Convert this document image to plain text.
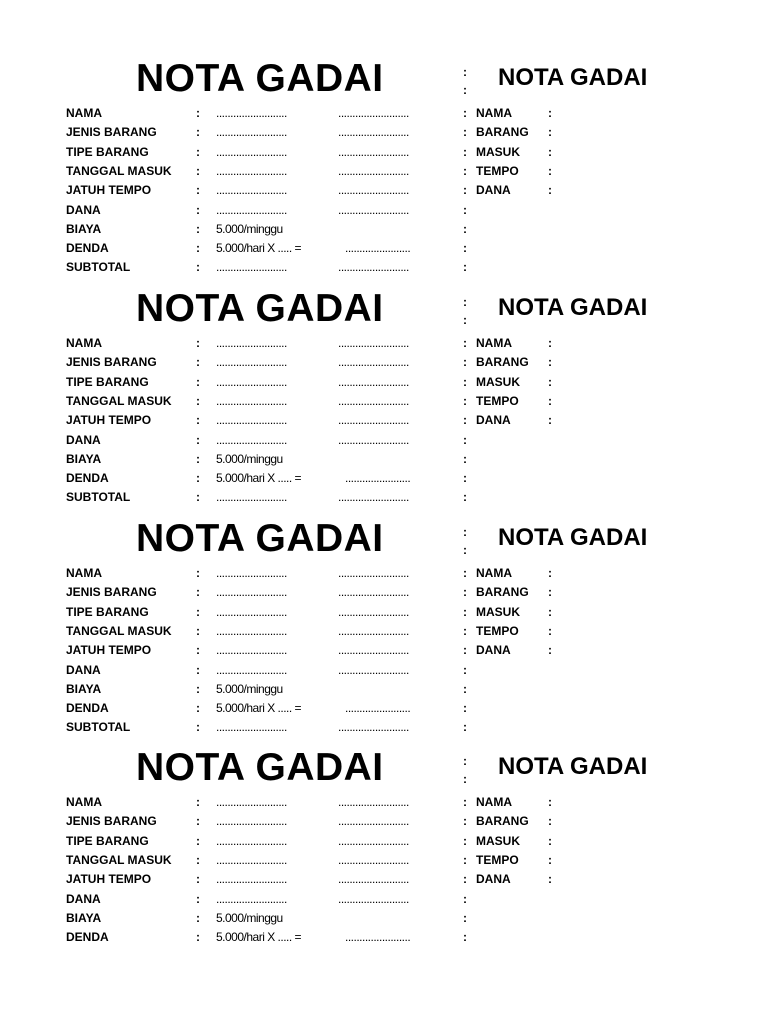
NOTA GADAI	:
: NOTA GADAI
NAMA	: .........................	.........................	: NAMA	:
JENIS BARANG	: .........................	.........................	: BARANG :
TIPE BARANG	: .........................	.........................	: MASUK :
TANGGAL MASUK : .........................	.........................	: TEMPO :
JATUH TEMPO	: .........................	.........................	: DANA	:
DANA	: .........................	.........................	:
BIAYA	: 5.000/minggu	:
DENDA	: 5.000/hari X ..... =	.......................	:
SUBTOTAL	: .........................	.........................	:
NOTA GADAI	:
: NOTA GADAI
NAMA	: .........................	.........................	: NAMA	:
JENIS BARANG	: .........................	.........................	: BARANG :
TIPE BARANG	: .........................	.........................	: MASUK :
TANGGAL MASUK : .........................	.........................	: TEMPO :
JATUH TEMPO	: .........................	.........................	: DANA	:
DANA	: .........................	.........................	:
BIAYA	: 5.000/minggu	:
DENDA	: 5.000/hari X ..... =	.......................	:
SUBTOTAL	: .........................	.........................	:
NOTA GADAI	:
: NOTA GADAI
NAMA	: .........................	.........................	: NAMA	:
JENIS BARANG	: .........................	.........................	: BARANG :
TIPE BARANG	: .........................	.........................	: MASUK :
TANGGAL MASUK : .........................	.........................	: TEMPO :
JATUH TEMPO	: .........................	.........................	: DANA	:
DANA	: .........................	.........................	:
BIAYA	: 5.000/minggu	:
DENDA	: 5.000/hari X ..... =	.......................	:
SUBTOTAL	: .........................	.........................	:
NOTA GADAI	:
: NOTA GADAI
NAMA	: .........................	.........................	: NAMA	:
JENIS BARANG	: .........................	.........................	: BARANG :
TIPE BARANG	: .........................	.........................	: MASUK :
TANGGAL MASUK : .........................	.........................	: TEMPO :
JATUH TEMPO	: .........................	.........................	: DANA	:
DANA	: .........................	.........................	:
BIAYA	: 5.000/minggu	:
DENDA	: 5.000/hari X ..... =	.......................	:
